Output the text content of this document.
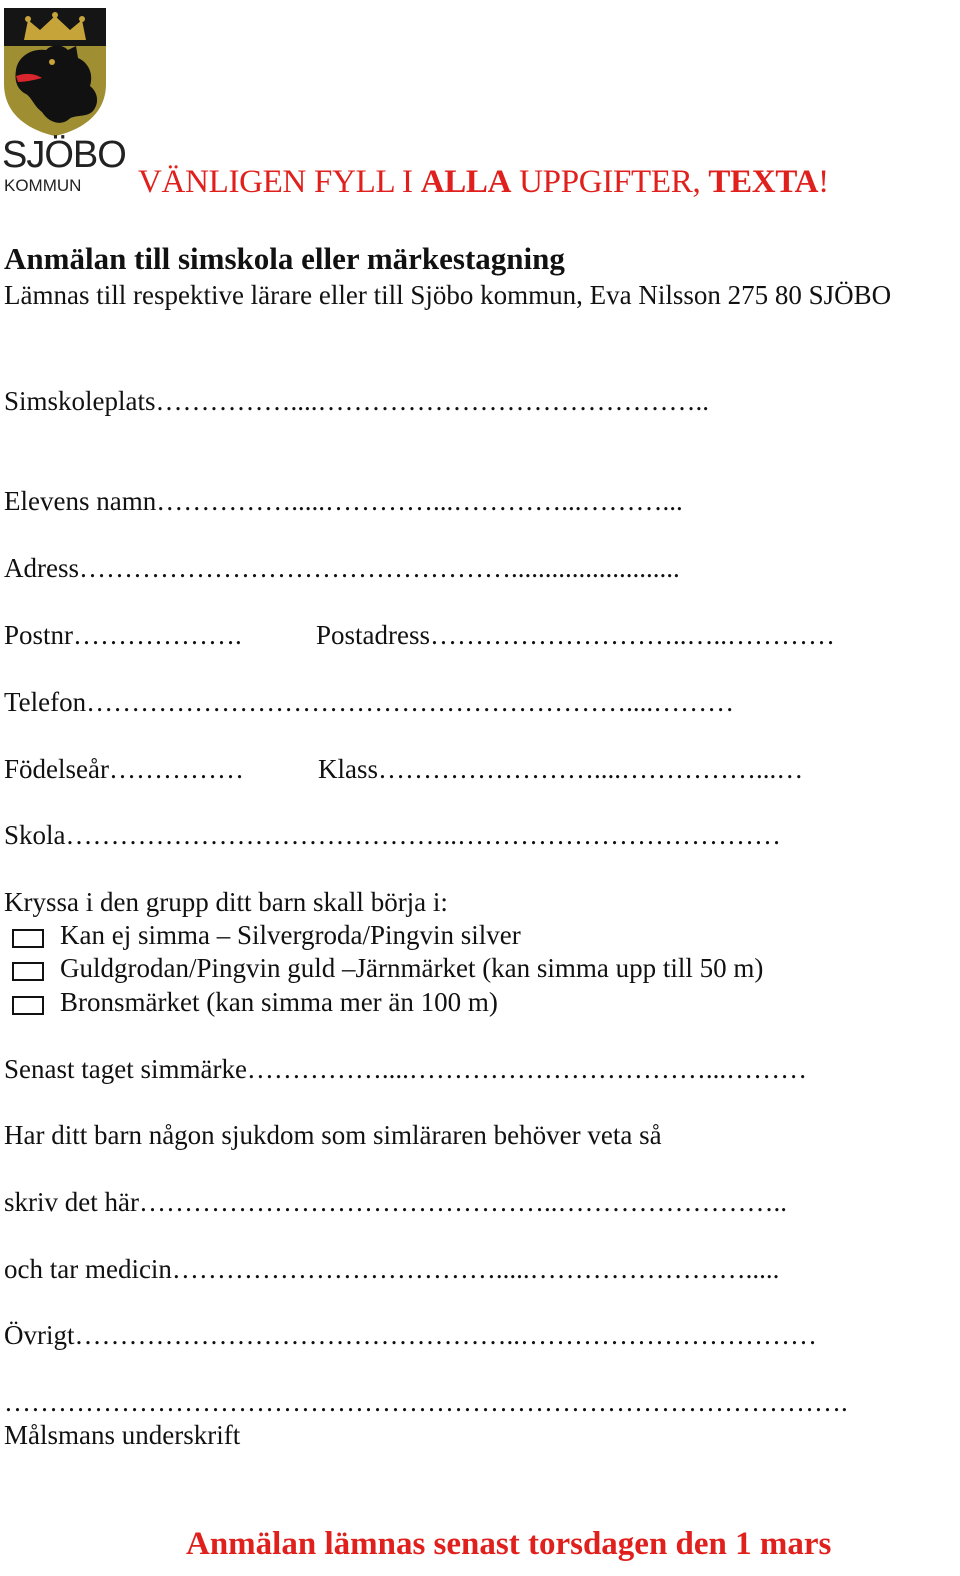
SJÖBO
KOMMUN VÄNLIGEN FYLL I ALLA UPPGIFTER, TEXTA!
Anmälan till simskola eller märkestagning
Lämnas till respektive lärare eller till Sjöbo kommun, Eva Nilsson 275 80 SJÖBO
Simskoleplats……………....……………………………………..
Elevens namn…………….....…………...…………...………...
Adress………………………………………….........................
Postnr……………….	Postadress………………………..…..…………
Telefon……………………………………………………....………
Födelseår……………	Klass……………………....……………...…
Skola……………………………………..………………………………
Kryssa i den grupp ditt barn skall börja i:
Kan ej simma – Silvergroda/Pingvin silver
Guldgrodan/Pingvin guld –Järnmärket (kan simma upp till 50 m)
Bronsmärket (kan simma mer än 100 m)
Senast taget simmärke……………....……………………………...………
Har ditt barn någon sjukdom som simläraren behöver veta så
skriv det här………………………………………..……………………..
och tar medicin……………………………….....…………………….....
Övrigt…………………………………………..……………………………
………………………………………………………………………………….
Målsmans underskrift
Anmälan lämnas senast torsdagen den 1 mars
